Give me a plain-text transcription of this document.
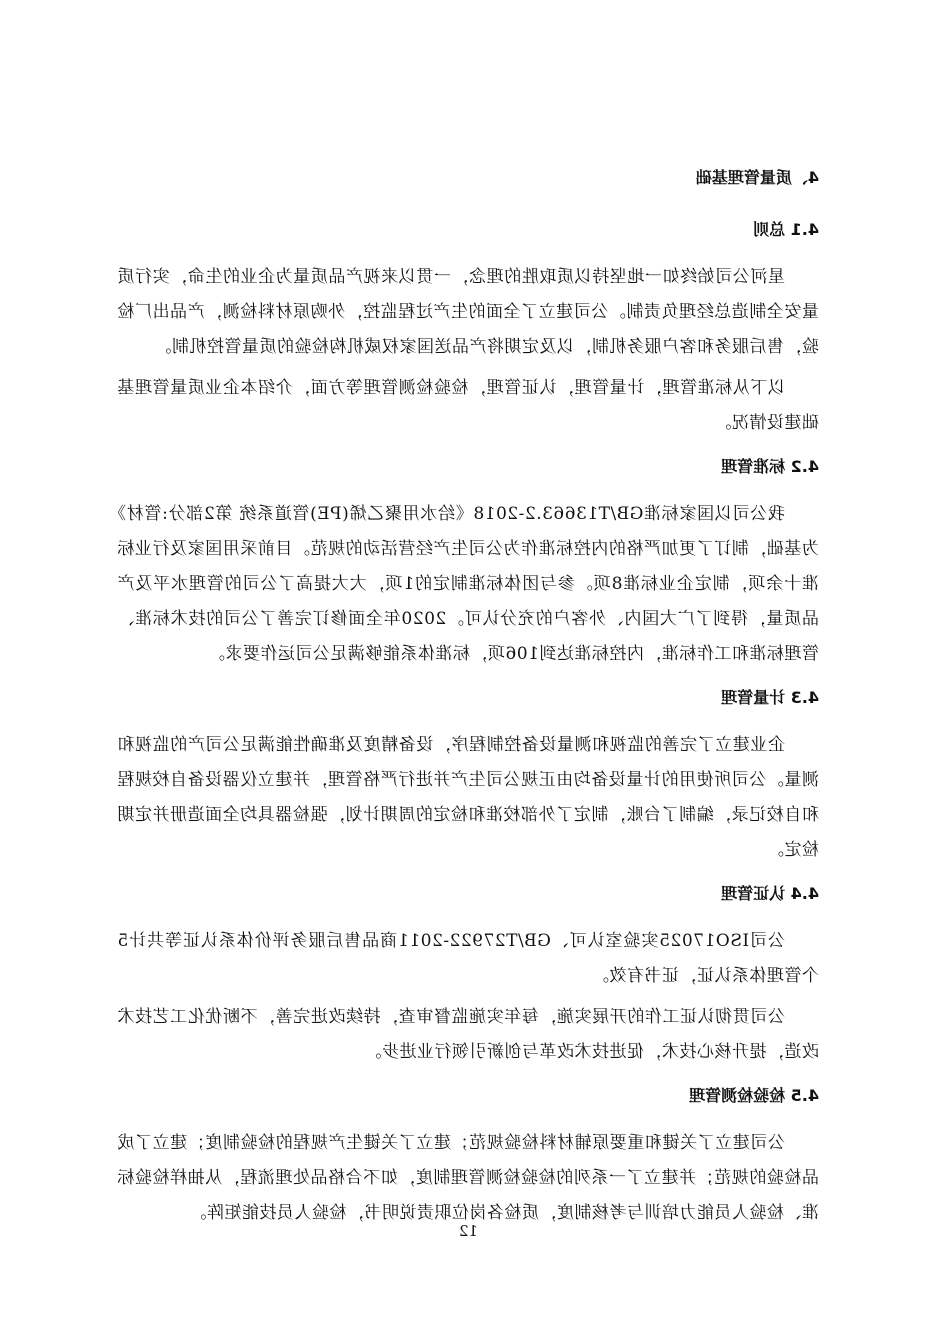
4、质量管理基础
4.1 总则

星河公司始终如一地坚持以质取胜的理念，一贯以来视产品质量为企业的生命，实行质量安全制造总经理负责制。公司建立了全面的生产过程监控，外购原材料检测，产品出厂检验，售后服务和客户服务机制，以及定期将产品送国家权威机构检验的质量管控机制。

以下从标准管理，计量管理，认证管理，检验检测管理等方面，介绍本企业质量管理基础建设情况。

4.2 标准管理

我公司以国家标准GB/T13663.2-2018《给水用聚乙烯(PE)管道系统 第2部分:管材》为基础，制订了更加严格的内控标准作为公司生产经营活动的规范。目前采用国家及行业标准十余项，制定企业标准8项。参与团体标准制定的1项，大大提高了公司的管理水平及产品质量，得到了广大国内、外客户的充分认可。2020年全面修订完善了公司的技术标准、管理标准和工作标准，内控标准达到106项，标准体系能够满足公司运作要求。

4.3 计量管理

企业建立了完善的监视和测量设备控制程序，设备精度及准确性能满足公司产的监视和测量。公司所使用的计量设备均由正规公司生产并进行严格管理，并建立仪器设备自校规程和自校记录，编制了台账，制定了外部校准和检定的周期计划，强检器具均全面造册并定期检定。

4.4 认证管理

公司ISO17025实验室认可、GB/T27922-2011商品售后服务评价体系认证等共计5个管理体系认证，证书有效。

公司贯彻认证工作的开展实施，每年实施监督审查，持续改进完善，不断优化工艺技术改造，提升核心技术，促进技术改革与创新引领行业进步。

4.5 检验检测管理

公司建立了关键和重要原辅材料检验规范；建立了关键生产规程的检验制度；建立了成品检验的规范；并建立了一系列的检验检测管理制度，如不合格品处理流程，从抽样检验标准、检验人员能力培训与考核制度，质检各岗位职责说明书，检验人员技能矩阵。

12
